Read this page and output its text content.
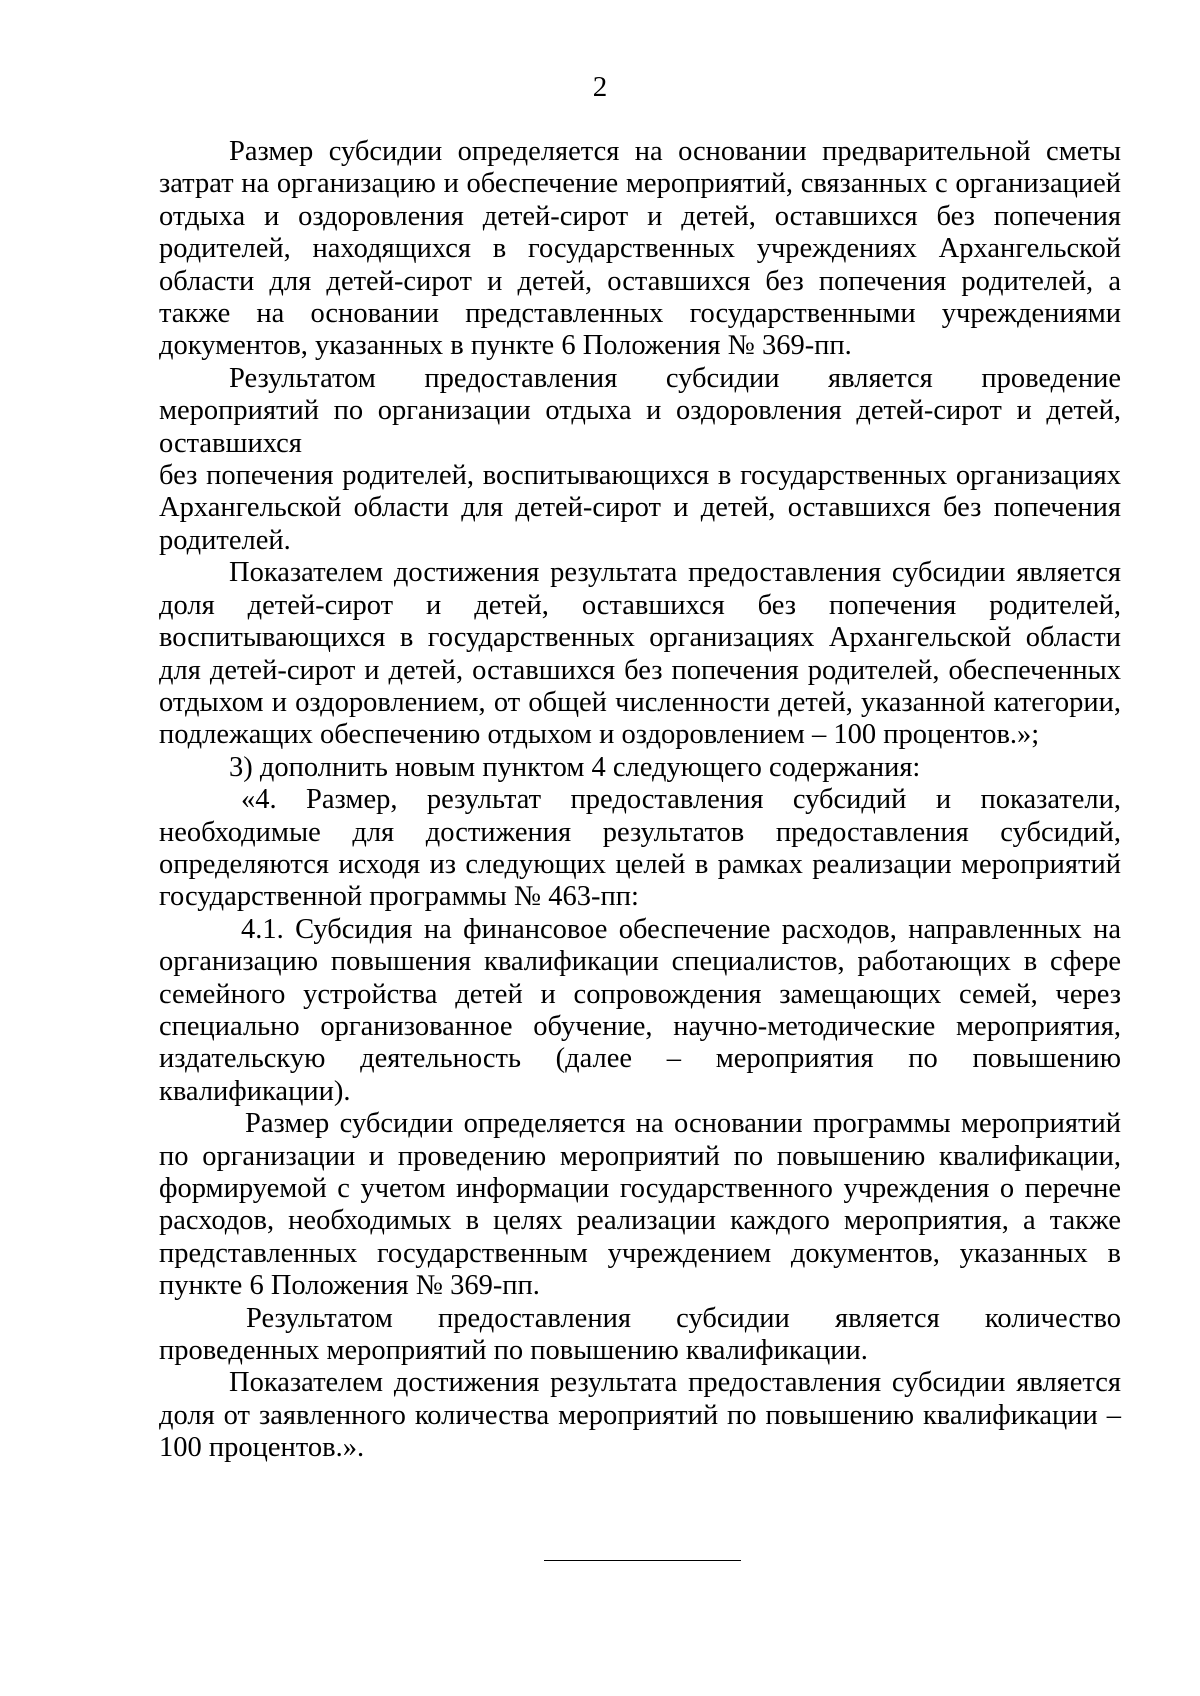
2

Размер субсидии определяется на основании предварительной сметы затрат на организацию и обеспечение мероприятий, связанных с организацией отдыха и оздоровления детей-сирот и детей, оставшихся без попечения родителей, находящихся в государственных учреждениях Архангельской области для детей-сирот и детей, оставшихся без попечения родителей, а также на основании представленных государственными учреждениями документов, указанных в пункте 6 Положения № 369-пп.

Результатом предоставления субсидии является проведение мероприятий по организации отдыха и оздоровления детей-сирот и детей, оставшихся

без попечения родителей, воспитывающихся в государственных организациях Архангельской области для детей-сирот и детей, оставшихся без попечения родителей.

Показателем достижения результата предоставления субсидии является доля детей-сирот и детей, оставшихся без попечения родителей, воспитывающихся в государственных организациях Архангельской области для детей-сирот и детей, оставшихся без попечения родителей, обеспеченных отдыхом и оздоровлением, от общей численности детей, указанной категории, подлежащих обеспечению отдыхом и оздоровлением – 100 процентов.»;

3) дополнить новым пунктом 4 следующего содержания:

«4. Размер, результат предоставления субсидий и показатели, необходимые для достижения результатов предоставления субсидий, определяются исходя из следующих целей в рамках реализации мероприятий государственной программы № 463-пп:

4.1. Субсидия на финансовое обеспечение расходов, направленных на организацию повышения квалификации специалистов, работающих в сфере семейного устройства детей и сопровождения замещающих семей, через специально организованное обучение, научно-методические мероприятия, издательскую деятельность (далее – мероприятия по повышению квалификации).

Размер субсидии определяется на основании программы мероприятий по организации и проведению мероприятий по повышению квалификации, формируемой с учетом информации государственного учреждения о перечне расходов, необходимых в целях реализации каждого мероприятия, а также представленных государственным учреждением документов, указанных в пункте 6 Положения № 369-пп.

Результатом предоставления субсидии является количество проведенных мероприятий по повышению квалификации.

Показателем достижения результата предоставления субсидии является доля от заявленного количества мероприятий по повышению квалификации – 100 процентов.».
